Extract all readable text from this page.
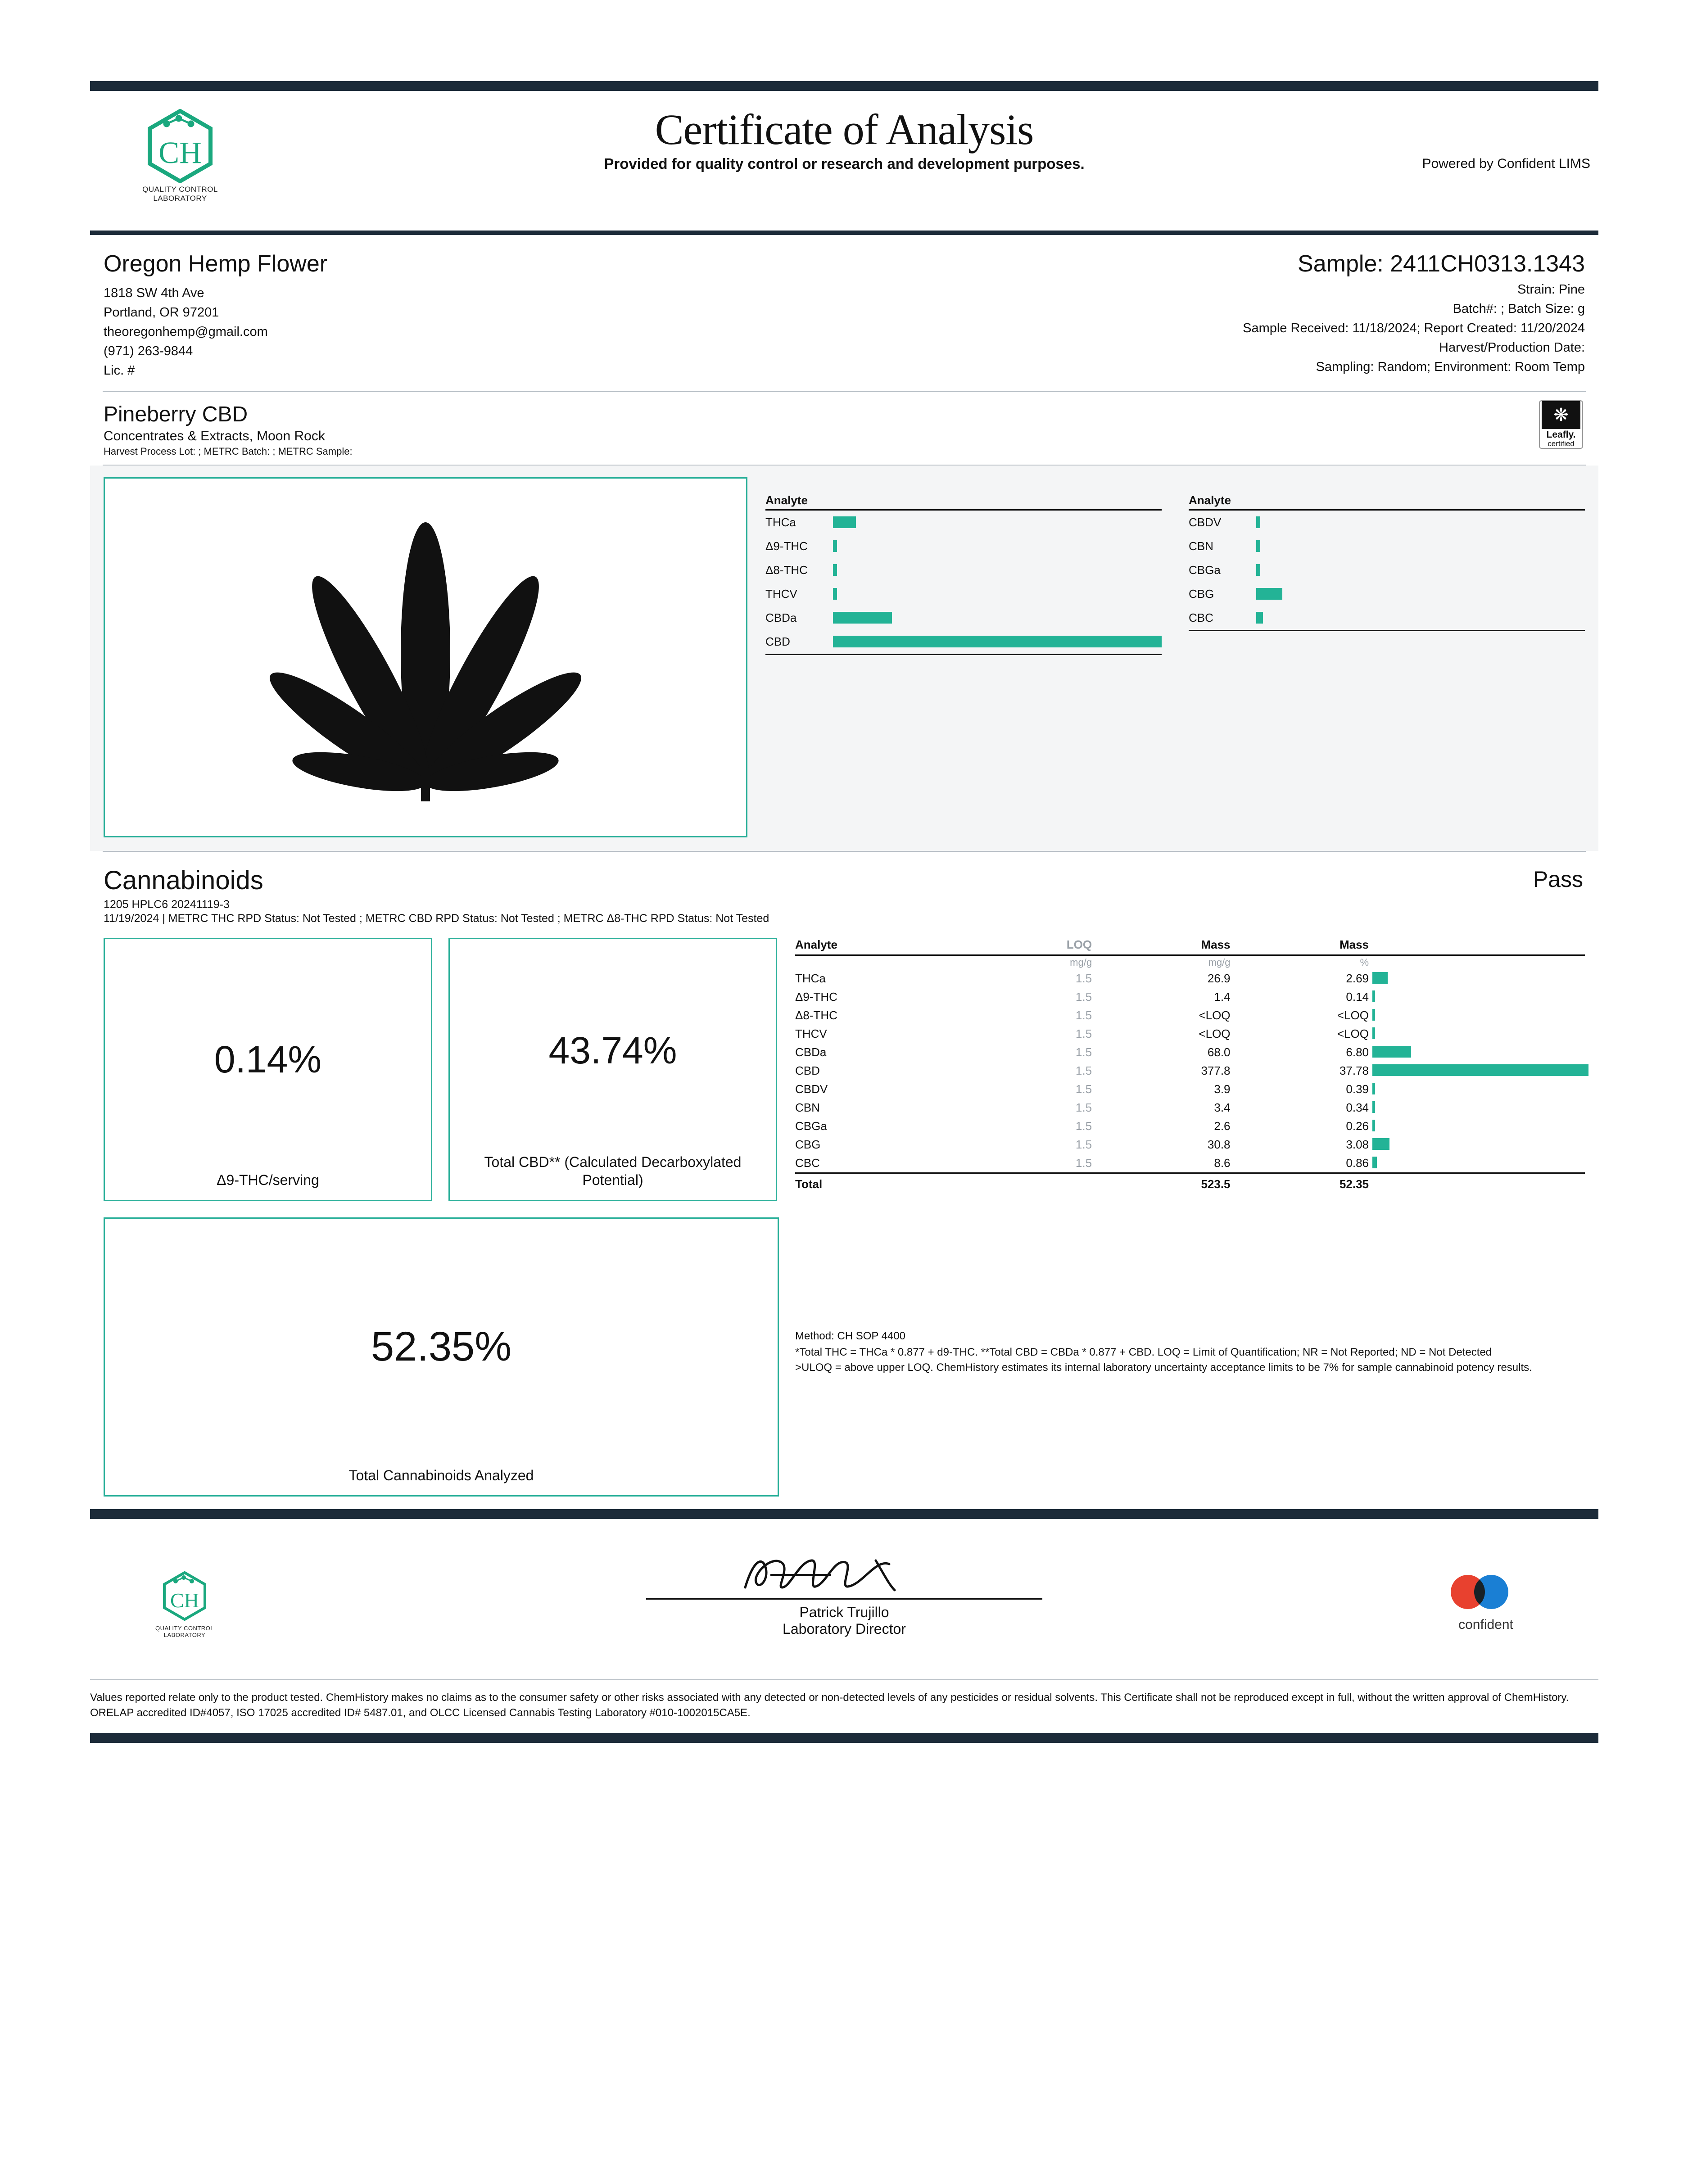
CH
QUALITY CONTROL LABORATORY
Certificate of Analysis
Provided for quality control or research and development purposes.	Powered by Confident LIMS
Oregon Hemp Flower

1818 SW 4th Ave

Portland, OR 97201

theoregonhemp@gmail.com

(971) 263-9844

Lic. #

Sample: 2411CH0313.1343

Strain: Pine

Batch#: ; Batch Size: g

Sample Received: 11/18/2024; Report Created: 11/20/2024

Harvest/Production Date:

Sampling: Random; Environment: Room Temp

Pineberry CBD

Concentrates & Extracts, Moon Rock

Harvest Process Lot: ; METRC Batch: ; METRC Sample:

❋
Leafly.
certified
Analyte
THCa
Δ9-THC
Δ8-THC
THCV
CBDa
CBD
Analyte
CBDV
CBN
CBGa
CBG
CBC
Cannabinoids	Pass

1205 HPLC6 20241119-3

11/19/2024 | METRC THC RPD Status: Not Tested ; METRC CBD RPD Status: Not Tested ; METRC Δ8-THC RPD Status: Not Tested

0.14%
Δ9-THC/serving
43.74%
Total CBD** (Calculated Decarboxylated Potential)
52.35%
Total Cannabinoids Analyzed
Analyte	LOQ	Mass	Mass	
	mg/g	mg/g	%	
THCa	1.5	26.9	2.69	

Δ9-THC	1.5	1.4	0.14	

Δ8-THC	1.5	<LOQ	<LOQ	

THCV	1.5	<LOQ	<LOQ	

CBDa	1.5	68.0	6.80	

CBD	1.5	377.8	37.78	

CBDV	1.5	3.9	0.39	

CBN	1.5	3.4	0.34	

CBGa	1.5	2.6	0.26	

CBG	1.5	30.8	3.08	

CBC	1.5	8.6	0.86	

Total		523.5	52.35	
Method: CH SOP 4400
*Total THC = THCa * 0.877 + d9-THC. **Total CBD = CBDa * 0.877 + CBD. LOQ = Limit of Quantification; NR = Not Reported; ND = Not Detected
>ULOQ = above upper LOQ. ChemHistory estimates its internal laboratory uncertainty acceptance limits to be 7% for sample cannabinoid potency results.
CH
QUALITY CONTROL LABORATORY
Patrick Trujillo
Laboratory Director	confident
Values reported relate only to the product tested. ChemHistory makes no claims as to the consumer safety or other risks associated with any detected or non-detected levels of any pesticides or residual solvents. This Certificate shall not be reproduced except in full, without the written approval of ChemHistory. ORELAP accredited ID#4057, ISO 17025 accredited ID# 5487.01, and OLCC Licensed Cannabis Testing Laboratory #010-1002015CA5E.
